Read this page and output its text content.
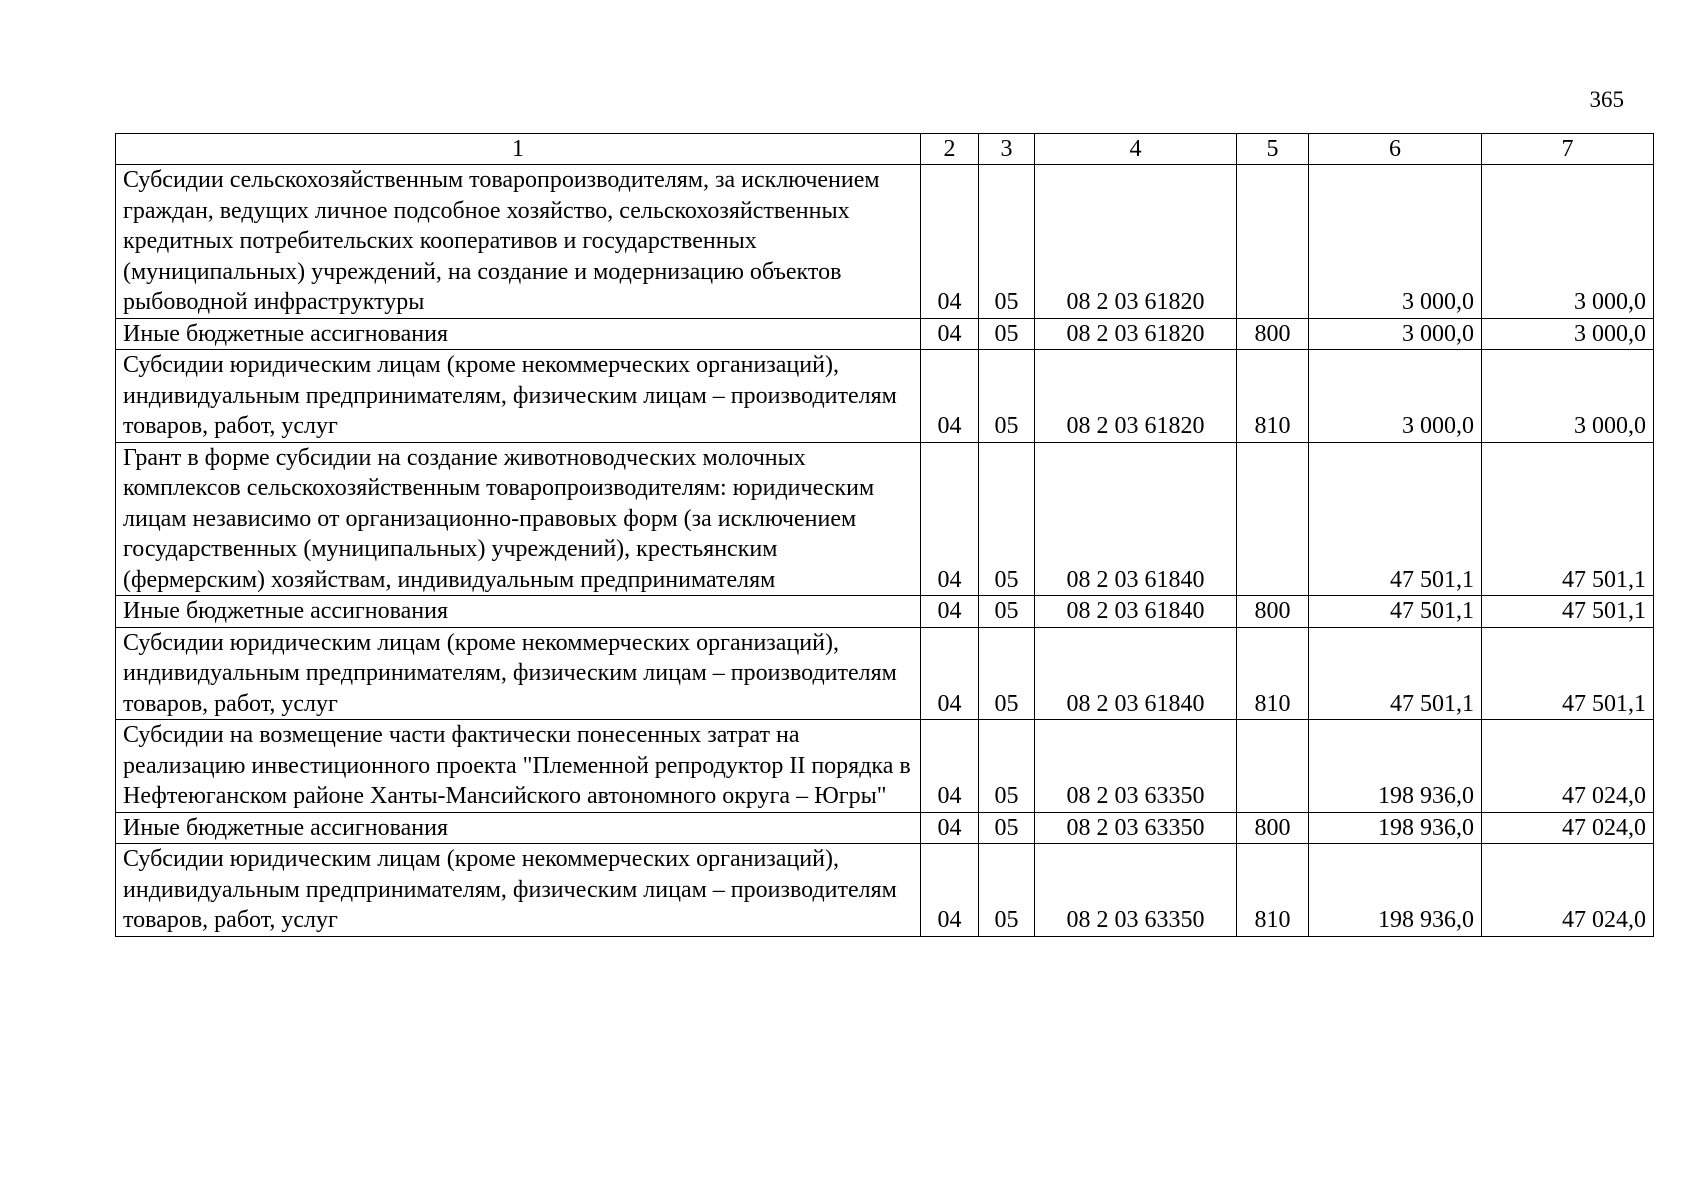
365
1	2	3	4	5	6	7
Субсидии сельскохозяйственным товаропроизводителям, за исключением граждан, ведущих личное подсобное хозяйство, сельскохозяйственных кредитных потребительских кооперативов и государственных (муниципальных) учреждений, на создание и модернизацию объектов рыбоводной инфраструктуры	04	05	08 2 03 61820		3 000,0	3 000,0
Иные бюджетные ассигнования	04	05	08 2 03 61820	800	3 000,0	3 000,0
Субсидии юридическим лицам (кроме некоммерческих организаций), индивидуальным предпринимателям, физическим лицам – производителям товаров, работ, услуг	04	05	08 2 03 61820	810	3 000,0	3 000,0
Грант в форме субсидии на создание животноводческих молочных комплексов сельскохозяйственным товаропроизводителям: юридическим лицам независимо от организационно-правовых форм (за исключением государственных (муниципальных) учреждений), крестьянским (фермерским) хозяйствам, индивидуальным предпринимателям	04	05	08 2 03 61840		47 501,1	47 501,1
Иные бюджетные ассигнования	04	05	08 2 03 61840	800	47 501,1	47 501,1
Субсидии юридическим лицам (кроме некоммерческих организаций), индивидуальным предпринимателям, физическим лицам – производителям товаров, работ, услуг	04	05	08 2 03 61840	810	47 501,1	47 501,1
Субсидии на возмещение части фактически понесенных затрат на реализацию инвестиционного проекта "Племенной репродуктор II порядка в Нефтеюганском районе Ханты-Мансийского автономного округа – Югры"	04	05	08 2 03 63350		198 936,0	47 024,0
Иные бюджетные ассигнования	04	05	08 2 03 63350	800	198 936,0	47 024,0
Субсидии юридическим лицам (кроме некоммерческих организаций), индивидуальным предпринимателям, физическим лицам – производителям товаров, работ, услуг	04	05	08 2 03 63350	810	198 936,0	47 024,0
